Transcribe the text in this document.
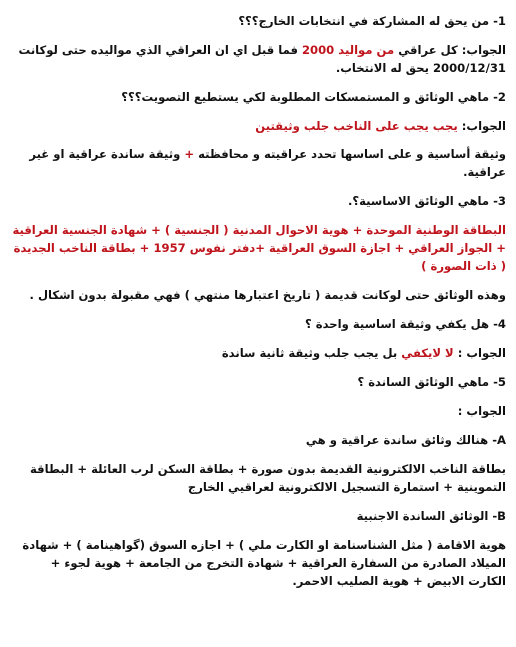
1- من يحق له المشاركة في انتخابات الخارج؟؟؟

الجواب: كل عراقي من مواليد 2000 فما قبل اي ان العراقي الذي مواليده حتى لوكانت 2000/12/31 يحق له الانتخاب.

2- ماهي الوثائق و المستمسكات المطلوبة لكي يستطيع التصويت؟؟؟

الجواب: يجب يجب على الناخب جلب وثيقتين

وثيقة أساسية و على اساسها تحدد عراقيته و محافظته + وثيقة ساندة عراقية او غير عراقية.

3- ماهي الوثائق الاساسية؟.

البطاقة الوطنية الموحدة + هوية الاحوال المدنية ( الجنسية ) + شهادة الجنسية العراقية + الجواز العراقي + اجازة السوق العراقية +دفتر نفوس 1957 + بطاقة الناخب الجديدة ( ذات الصورة )

وهذه الوثائق حتى لوكانت قديمة ( تاريخ اعتبارها منتهي ) فهي مقبولة بدون اشكال .

4- هل يكفي وثيقة اساسية واحدة ؟

الجواب : لا لايكفي بل يجب جلب وثيقة ثانية ساندة

5- ماهي الوثائق الساندة ؟

الجواب :

A- هنالك وثائق ساندة عراقية و هي

بطاقة الناخب الالكترونية القديمة بدون صورة + بطاقة السكن لرب العائلة + البطاقة التموينية + استمارة التسجيل الالكترونية لعراقيي الخارج

B- الوثائق الساندة الاجنبية

هوية الاقامة ( مثل الشناسنامة او الكارت ملي ) + اجازه السوق (گواهينامة ) + شهادة الميلاد الصادرة من السفارة العراقية + شهادة التخرج من الجامعة + هوية لجوء + الكارت الابيض + هوية الصليب الاحمر.
